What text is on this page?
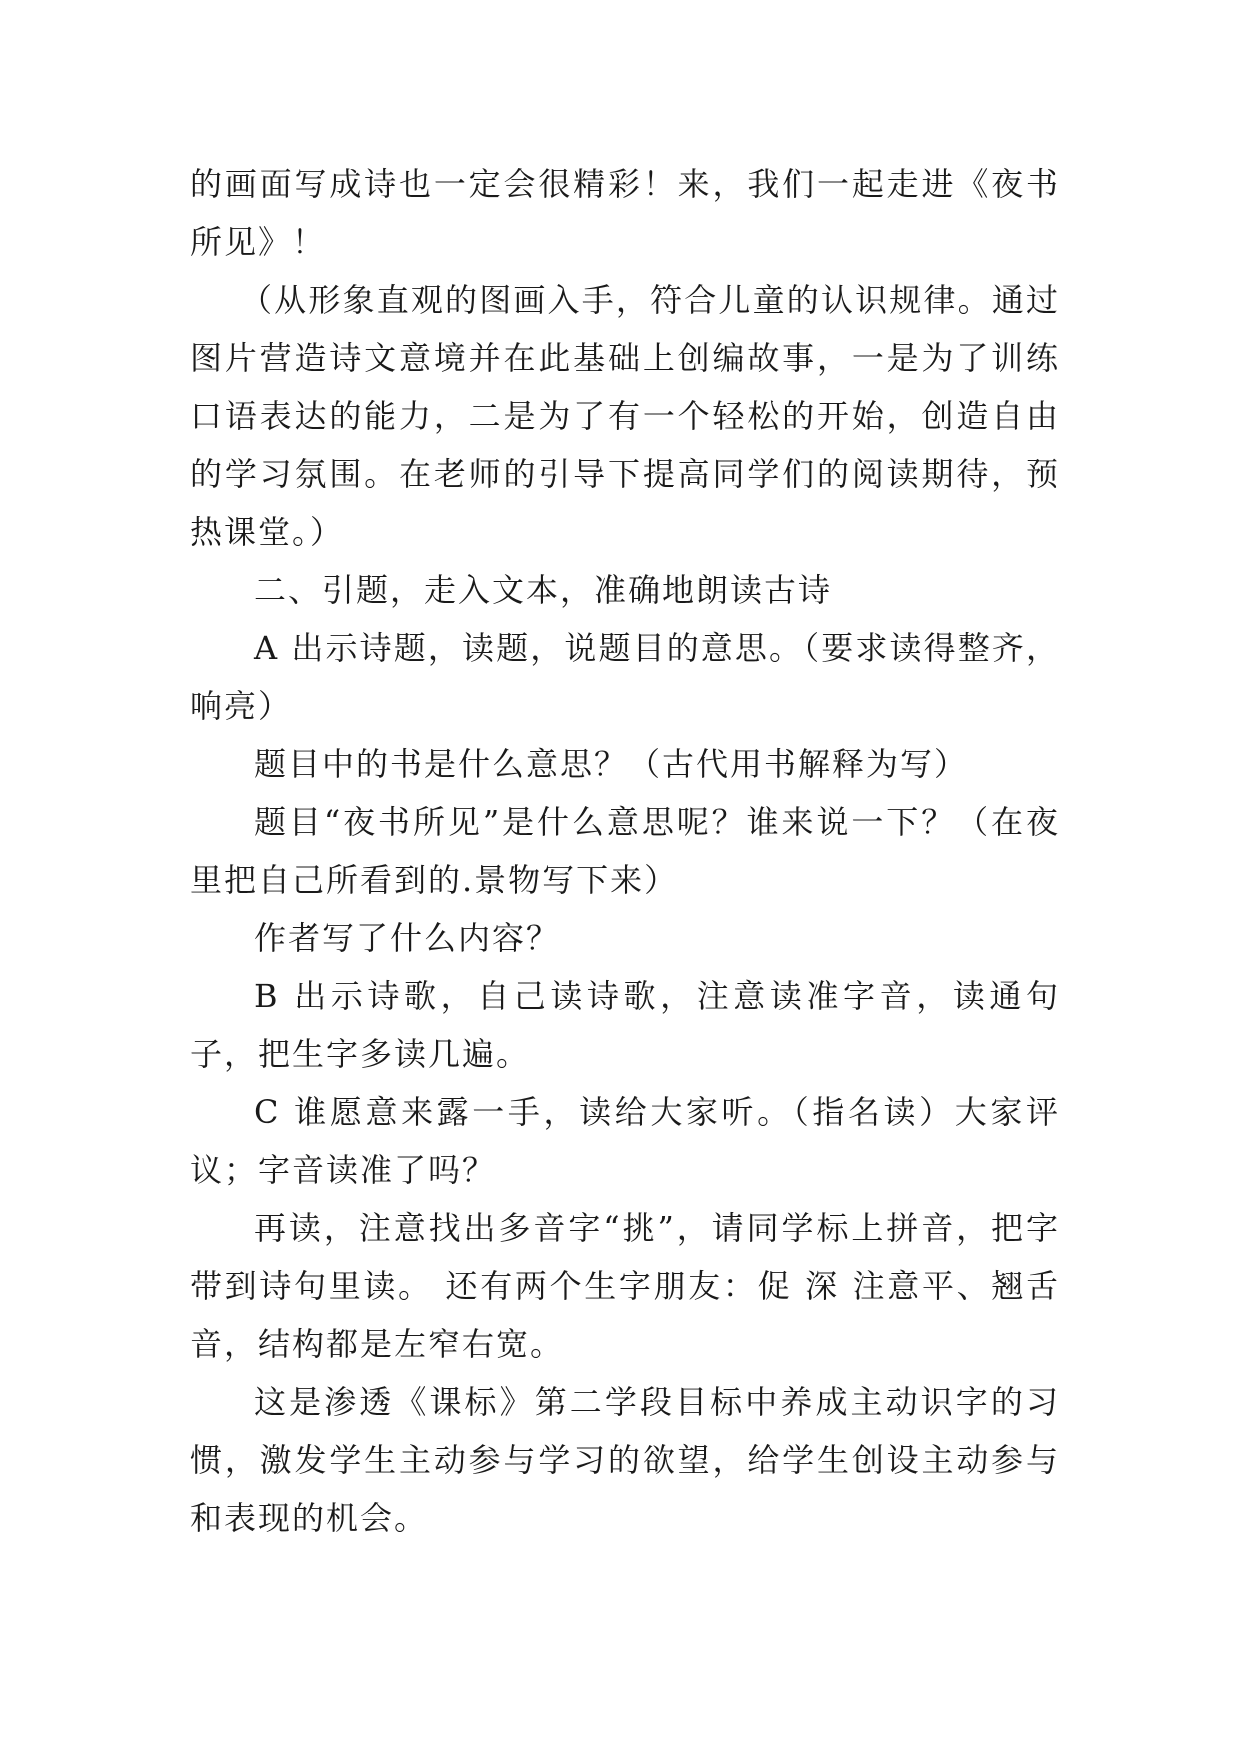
的画面写成诗也一定会很精彩！来，我们一起走进《夜书所见》！

（从形象直观的图画入手，符合儿童的认识规律。通过图片营造诗文意境并在此基础上创编故事，一是为了训练口语表达的能力，二是为了有一个轻松的开始，创造自由的学习氛围。在老师的引导下提高同学们的阅读期待，预热课堂。）

二、引题，走入文本，准确地朗读古诗

A 出示诗题，读题，说题目的意思。（要求读得整齐，响亮）

题目中的书是什么意思？（古代用书解释为写）

题目“夜书所见”是什么意思呢？谁来说一下？（在夜里把自己所看到的.景物写下来）

作者写了什么内容？

B 出示诗歌，自己读诗歌，注意读准字音，读通句子，把生字多读几遍。

C 谁愿意来露一手，读给大家听。（指名读）大家评议；字音读准了吗？

再读，注意找出多音字“挑”，请同学标上拼音，把字带到诗句里读。 还有两个生字朋友：促 深 注意平、翘舌音，结构都是左窄右宽。

这是渗透《课标》第二学段目标中养成主动识字的习惯，激发学生主动参与学习的欲望，给学生创设主动参与和表现的机会。
